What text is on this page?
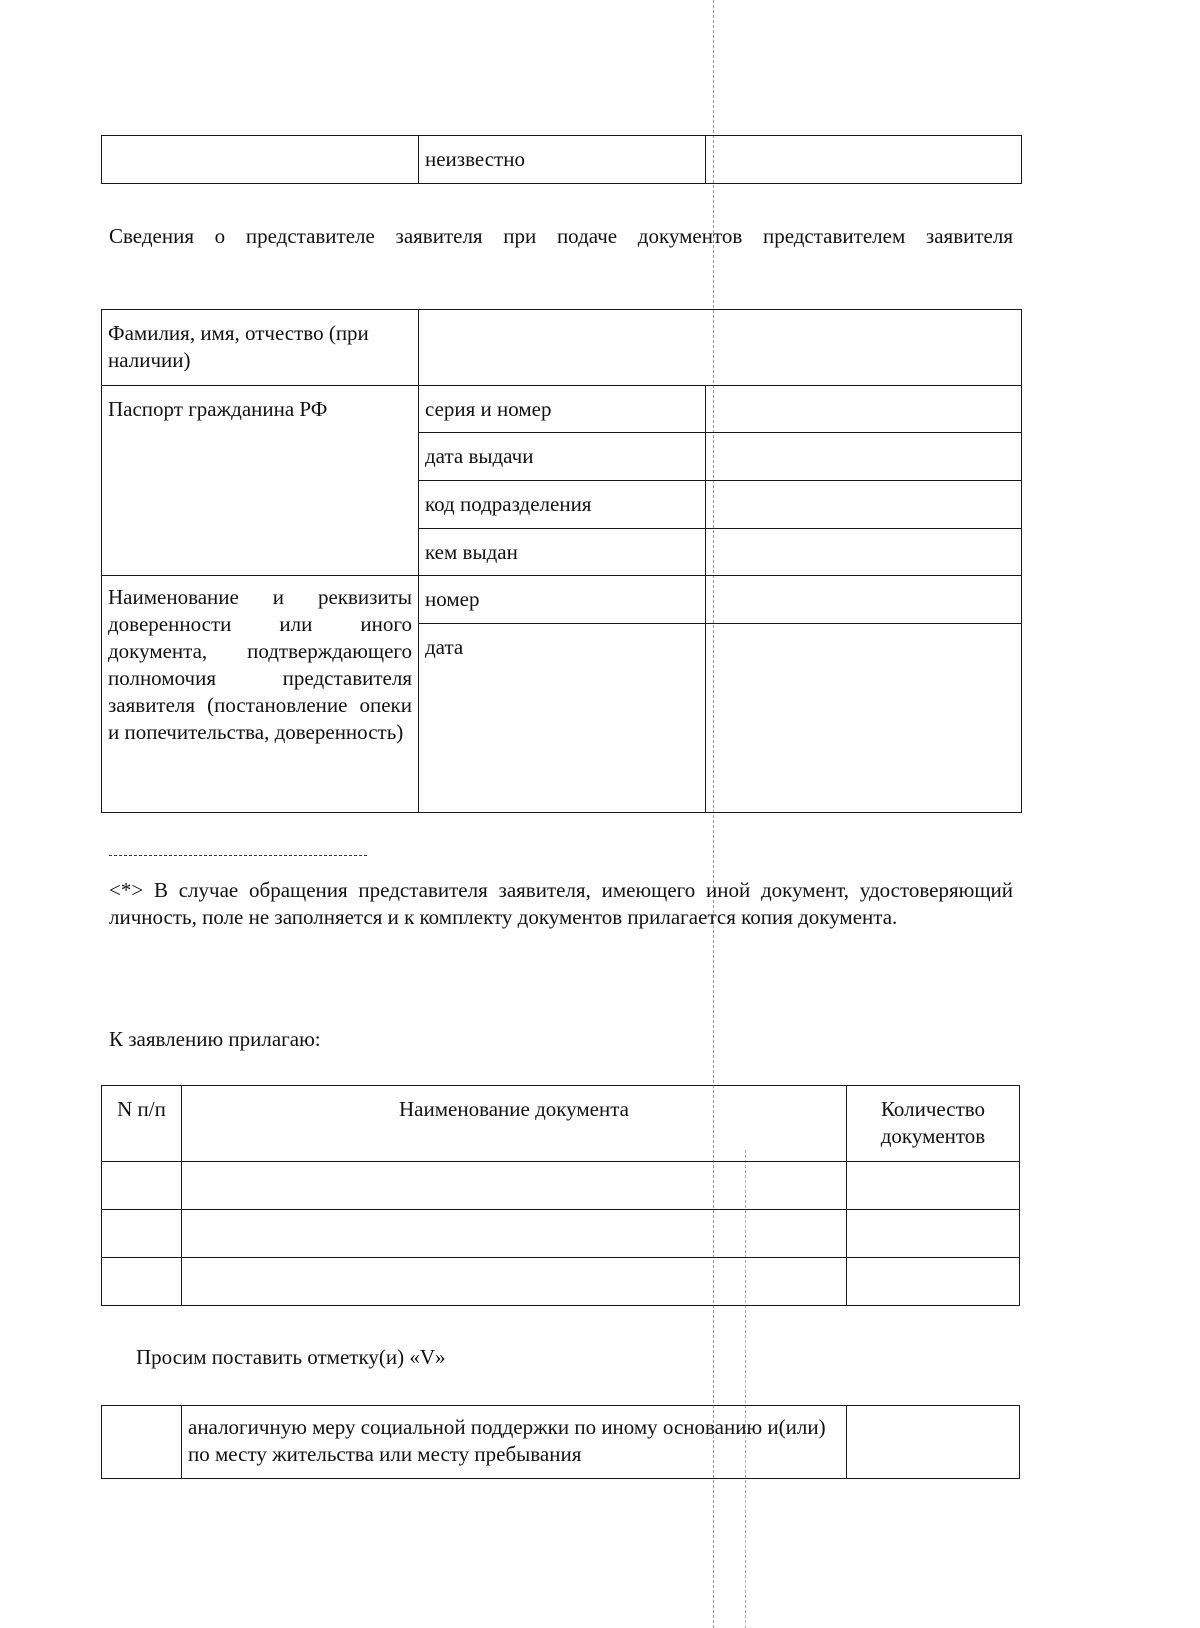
	неизвестно	
Сведения о представителе заявителя при подаче документов представителем заявителя
Фамилия, имя, отчество (при наличии)		
Паспорт гражданина РФ	серия и номер	
	дата выдачи	
	код подразделения	
	кем выдан	
Наименование и реквизиты доверенности или иного документа, подтверждающего полномочия представителя заявителя (постановление опеки и попечительства, доверенность)	номер	
	дата	
<*> В случае обращения представителя заявителя, имеющего иной документ, удостоверяющий личность, поле не заполняется и к комплекту документов прилагается копия документа.
К заявлению прилагаю:
N п/п	Наименование документа	Количество документов

Просим поставить отметку(и) «V»
	аналогичную меру социальной поддержки по иному основанию и(или) по месту жительства или месту пребывания	
